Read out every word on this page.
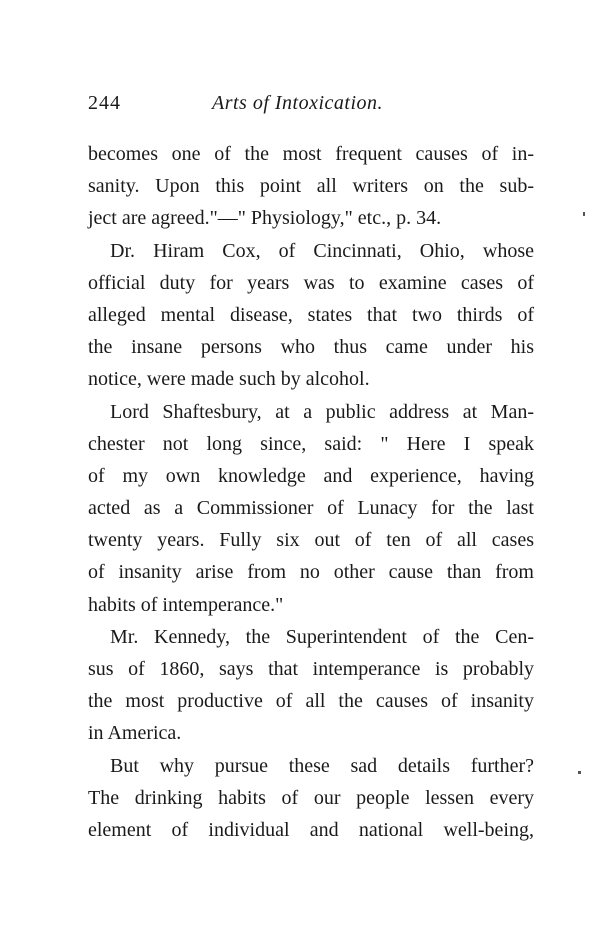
244	Arts of Intoxication.
becomes one of the most frequent causes of in-
sanity. Upon this point all writers on the sub-
ject are agreed."—" Physiology," etc., p. 34.
Dr. Hiram Cox, of Cincinnati, Ohio, whose
official duty for years was to examine cases of
alleged mental disease, states that two thirds of
the insane persons who thus came under his
notice, were made such by alcohol.
Lord Shaftesbury, at a public address at Man-
chester not long since, said: " Here I speak
of my own knowledge and experience, having
acted as a Commissioner of Lunacy for the last
twenty years. Fully six out of ten of all cases
of insanity arise from no other cause than from
habits of intemperance."
Mr. Kennedy, the Superintendent of the Cen-
sus of 1860, says that intemperance is probably
the most productive of all the causes of insanity
in America.
But why pursue these sad details further?
The drinking habits of our people lessen every
element of individual and national well-being,
